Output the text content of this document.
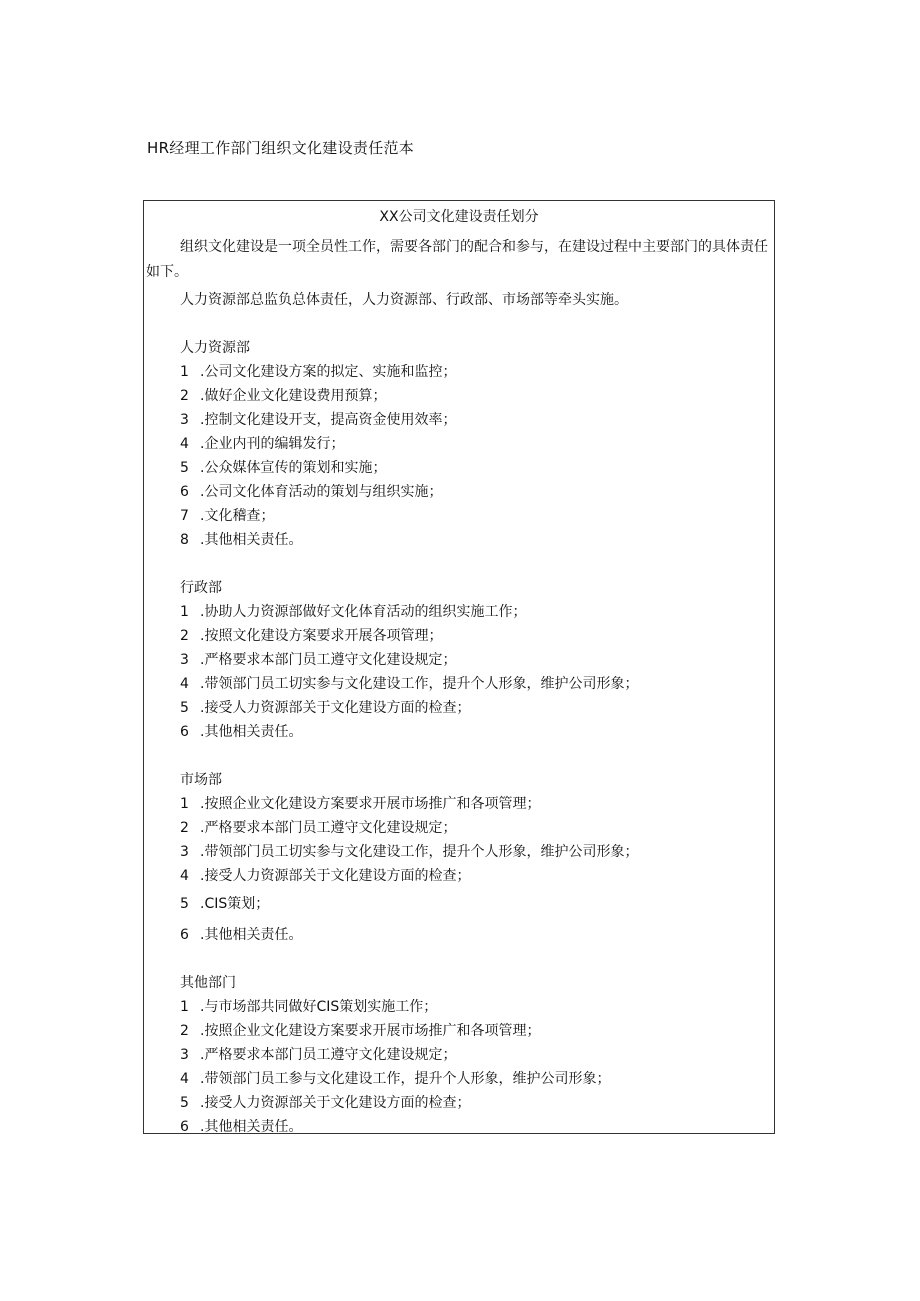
HR经理工作部门组织文化建设责任范本
XX公司文化建设责任划分

组织文化建设是一项全员性工作，需要各部门的配合和参与，在建设过程中主要部门的具体责任如下。

人力资源部总监负总体责任，人力资源部、行政部、市场部等牵头实施。
人力资源部
1 .公司文化建设方案的拟定、实施和监控；
2 .做好企业文化建设费用预算；
3 .控制文化建设开支，提高资金使用效率；
4 .企业内刊的编辑发行；
5 .公众媒体宣传的策划和实施；
6 .公司文化体育活动的策划与组织实施；
7 .文化稽查；
8 .其他相关责任。
行政部
1 .协助人力资源部做好文化体育活动的组织实施工作；
2 .按照文化建设方案要求开展各项管理；
3 .严格要求本部门员工遵守文化建设规定；
4 .带领部门员工切实参与文化建设工作，提升个人形象，维护公司形象；
5 .接受人力资源部关于文化建设方面的检查；
6 .其他相关责任。
市场部
1 .按照企业文化建设方案要求开展市场推广和各项管理；
2 .严格要求本部门员工遵守文化建设规定；
3 .带领部门员工切实参与文化建设工作，提升个人形象，维护公司形象；
4 .接受人力资源部关于文化建设方面的检查；
5 .CIS策划；
6 .其他相关责任。
其他部门
1 .与市场部共同做好CIS策划实施工作；
2 .按照企业文化建设方案要求开展市场推广和各项管理；
3 .严格要求本部门员工遵守文化建设规定；
4 .带领部门员工参与文化建设工作，提升个人形象，维护公司形象；
5 .接受人力资源部关于文化建设方面的检查；
6 .其他相关责任。
